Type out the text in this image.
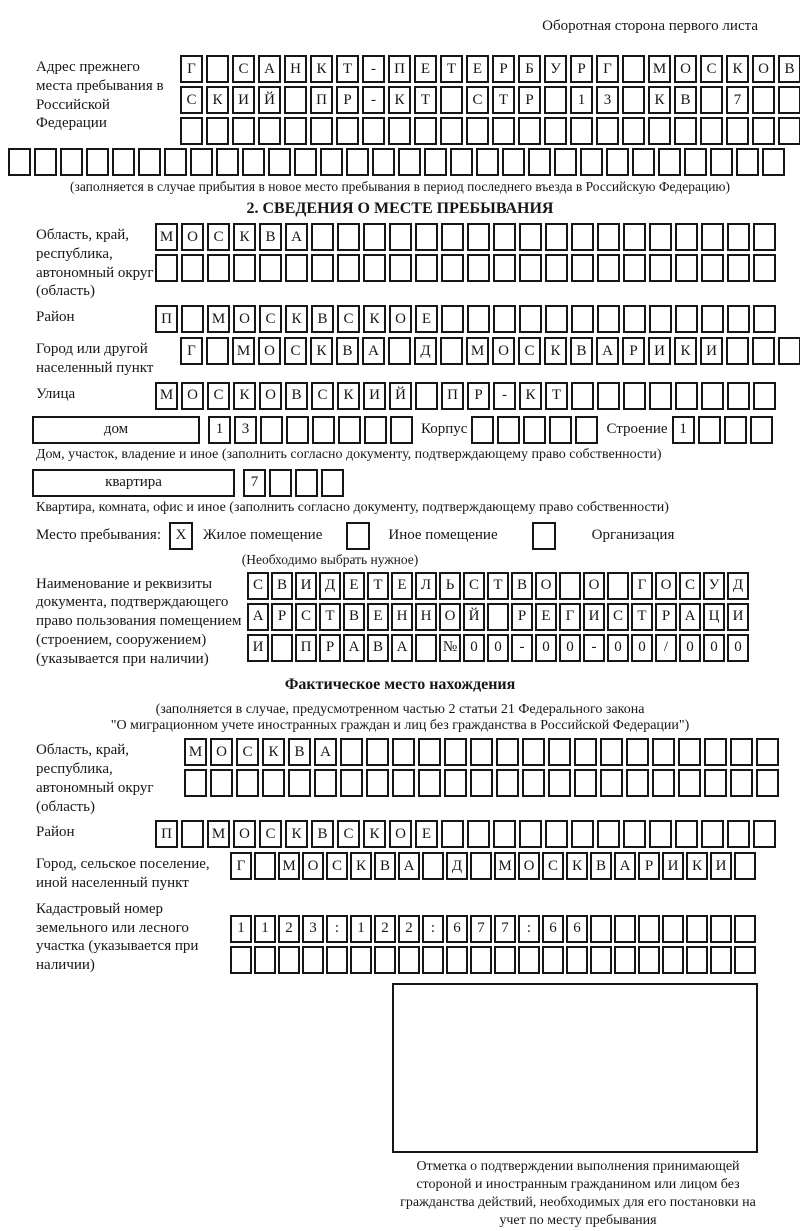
Оборотная сторона первого листа
Адрес прежнего места пребывания в Российской Федерации
Г	С	А	Н	К	Т	-	П	Е	Т	Е	Р	Б	У	Р	Г	М О	С	К	О	В
С	К	И	Й	П	Р	-	К	Т	С	Т	Р	1	3	К	В	7
(заполняется в случае прибытия в новое место пребывания в период последнего въезда в Российскую Федерацию)
2. СВЕДЕНИЯ О МЕСТЕ ПРЕБЫВАНИЯ
Область, край, республика, автономный округ (область)
М О	С	К	В	А
Район	П	М О	С	К	В	С	К	О	Е
Город или другой населенный пункт
Г	М О	С	К	В	А	Д	М О	С	К	В	А	Р	И	К	И
Улица	М О	С	К	О	В	С	К	И	Й	П	Р	-	К	Т
дом	1	3	Корпус	Строение 1
Дом, участок, владение и иное (заполнить согласно документу, подтверждающему право собственности)
квартира	7
Квартира, комната, офис и иное (заполнить согласно документу, подтверждающему право собственности)
Место пребывания: X	Жилое помещение	Иное помещение	Организация
(Необходимо выбрать нужное)
Наименование и реквизиты документа, подтверждающего право пользования помещением (строением, сооружением) (указывается при наличии)
С В И Д Е Т Е Л Ь С Т В О	О	Г О С У Д
А Р С Т В Е Н Н О Й	Р	Е	Г И С Т	Р А Ц И
И	П Р А В А	№ 0	0	-	0	0	-	0	0	/	0	0	0
Фактическое место нахождения
(заполняется в случае, предусмотренном частью 2 статьи 21 Федерального закона
"О миграционном учете иностранных граждан и лиц без гражданства в Российской Федерации")
Область, край, республика, автономный округ (область)
М О	С	К	В	А
Район	П	М О	С	К	В	С	К	О	Е
Город, сельское поселение, иной населенный пункт
Г	М О С К В А	Д	М О С К В А Р И К И
Кадастровый номер земельного или лесного участка (указывается при наличии)
1	1	2	3	:	1	2	2	:	6	7	7	:	6	6
Отметка о подтверждении выполнения принимающей стороной и иностранным гражданином или лицом без гражданства действий, необходимых для его постановки на учет по месту пребывания
